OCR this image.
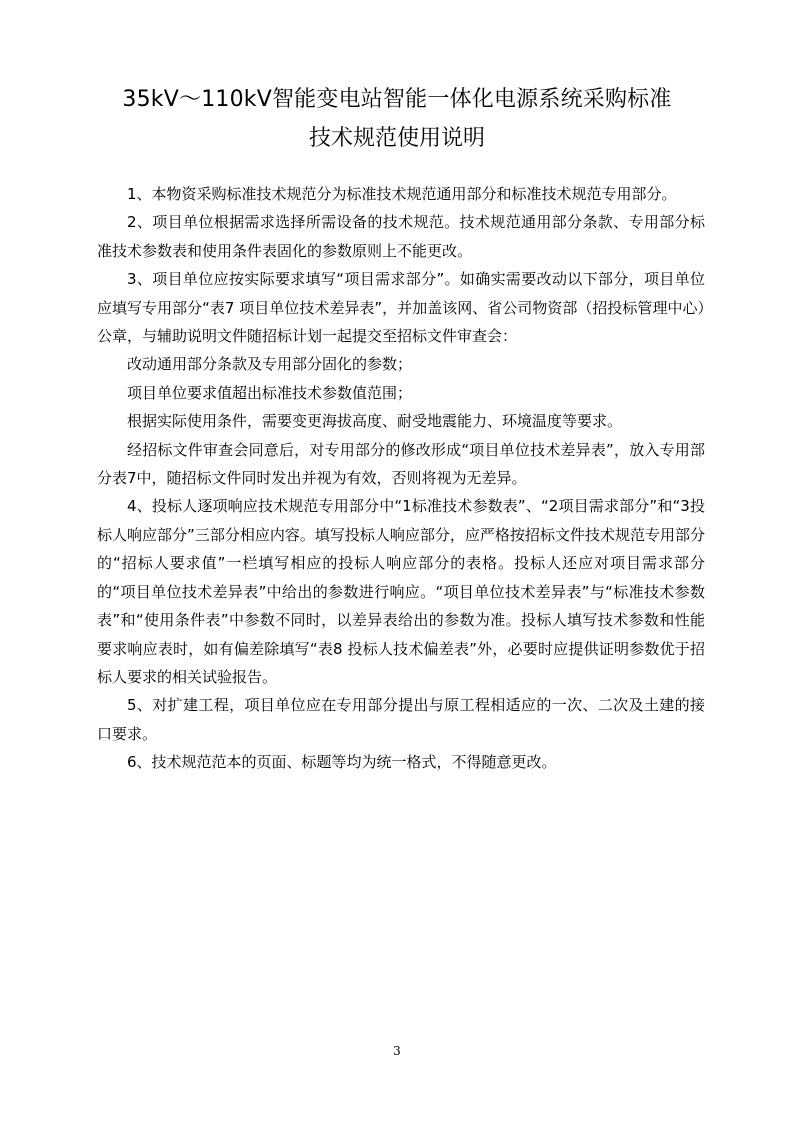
35kV～110kV智能变电站智能一体化电源系统采购标准
技术规范使用说明

1、本物资采购标准技术规范分为标准技术规范通用部分和标准技术规范专用部分。

2、项目单位根据需求选择所需设备的技术规范。技术规范通用部分条款、专用部分标准技术参数表和使用条件表固化的参数原则上不能更改。

3、项目单位应按实际要求填写“项目需求部分”。如确实需要改动以下部分，项目单位应填写专用部分“表7 项目单位技术差异表”，并加盖该网、省公司物资部（招投标管理中心）公章，与辅助说明文件随招标计划一起提交至招标文件审查会：

改动通用部分条款及专用部分固化的参数；

项目单位要求值超出标准技术参数值范围；

根据实际使用条件，需要变更海拔高度、耐受地震能力、环境温度等要求。

经招标文件审查会同意后，对专用部分的修改形成“项目单位技术差异表”，放入专用部分表7中，随招标文件同时发出并视为有效，否则将视为无差异。

4、投标人逐项响应技术规范专用部分中“1标准技术参数表”、“2项目需求部分”和“3投标人响应部分”三部分相应内容。填写投标人响应部分，应严格按招标文件技术规范专用部分的“招标人要求值”一栏填写相应的投标人响应部分的表格。投标人还应对项目需求部分的“项目单位技术差异表”中给出的参数进行响应。“项目单位技术差异表”与“标准技术参数表”和“使用条件表”中参数不同时，以差异表给出的参数为准。投标人填写技术参数和性能要求响应表时，如有偏差除填写“表8 投标人技术偏差表”外，必要时应提供证明参数优于招标人要求的相关试验报告。

5、对扩建工程，项目单位应在专用部分提出与原工程相适应的一次、二次及土建的接口要求。

6、技术规范范本的页面、标题等均为统一格式，不得随意更改。

3
